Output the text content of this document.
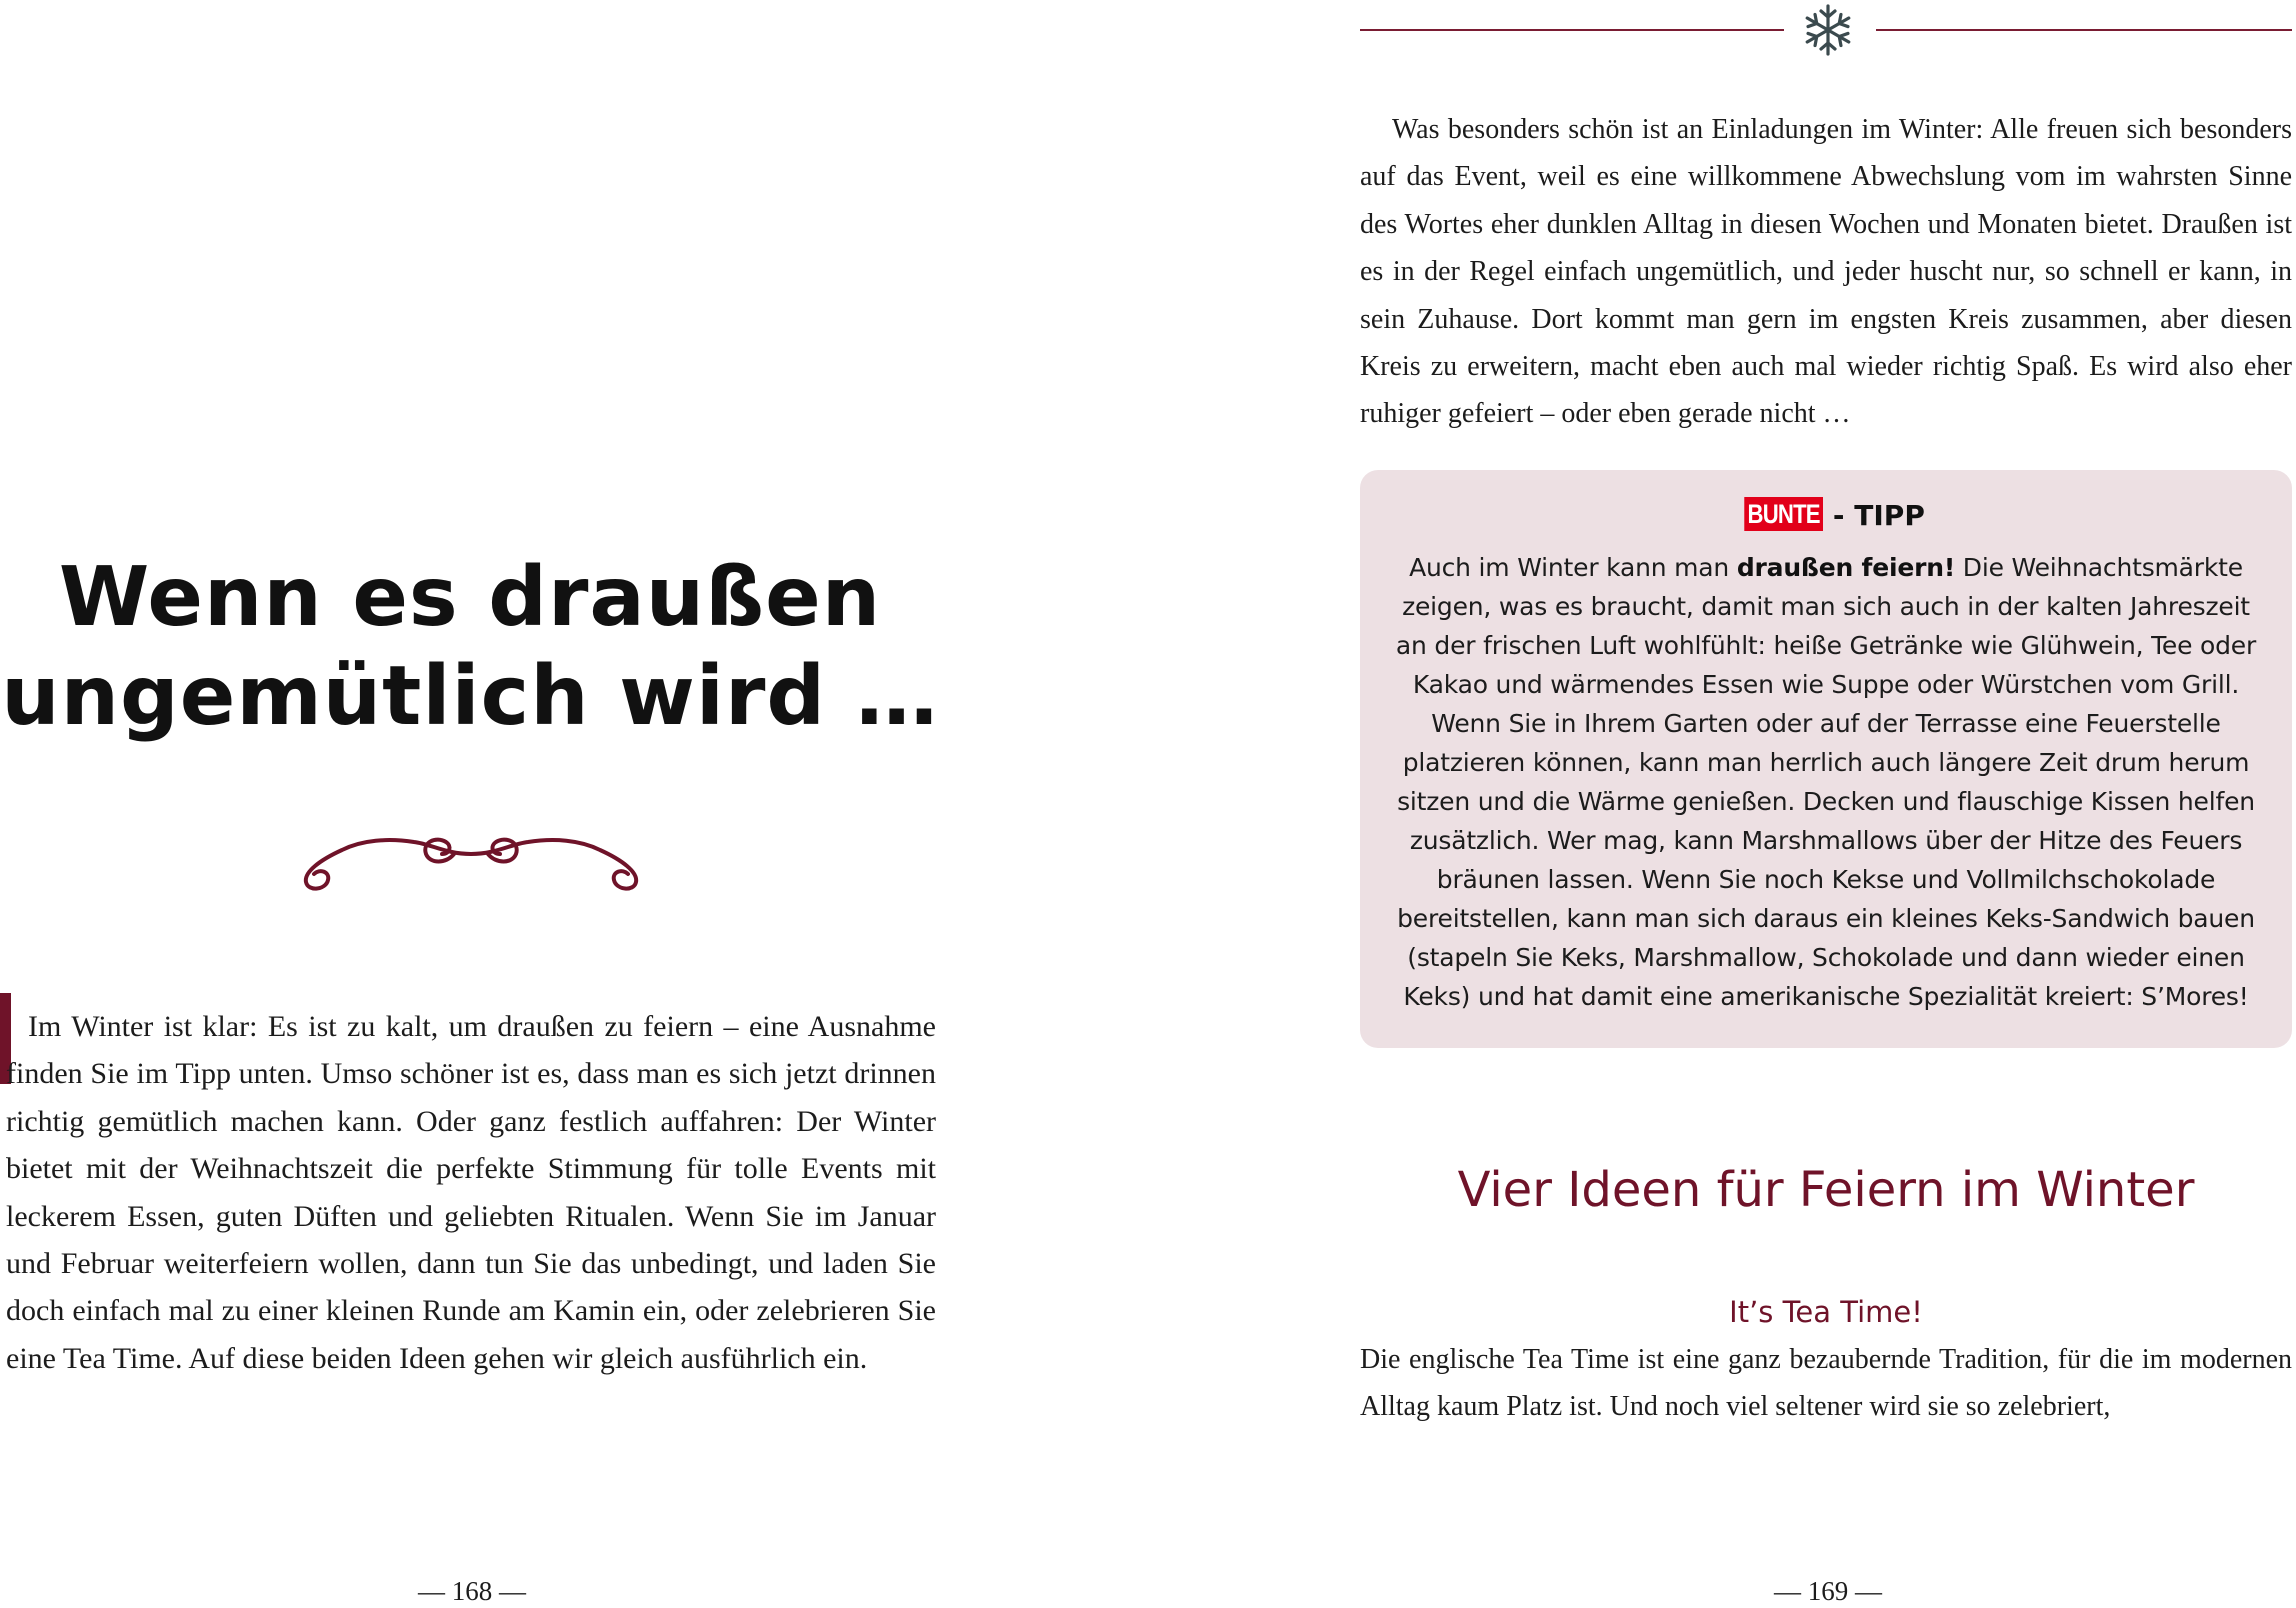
Wenn es draußen
ungemütlich wird …

Im Winter ist klar: Es ist zu kalt, um draußen zu feiern – eine Ausnahme finden Sie im Tipp unten. Umso schöner ist es, dass man es sich jetzt drinnen richtig gemütlich machen kann. Oder ganz festlich auffahren: Der Winter bietet mit der Weihnachtszeit die perfekte Stimmung für tolle Events mit leckerem Essen, guten Düften und geliebten Ritualen. Wenn Sie im Januar und Februar weiterfeiern wollen, dann tun Sie das unbedingt, und laden Sie doch einfach mal zu einer kleinen Runde am Kamin ein, oder zelebrieren Sie eine Tea Time. Auf diese beiden Ideen gehen wir gleich ausführlich ein.

— 168 —

Was besonders schön ist an Einladungen im Winter: Alle freuen sich besonders auf das Event, weil es eine willkommene Abwechslung vom im wahrsten Sinne des Wortes eher dunklen Alltag in diesen Wochen und Monaten bietet. Draußen ist es in der Regel einfach ungemütlich, und jeder huscht nur, so schnell er kann, in sein Zuhause. Dort kommt man gern im engsten Kreis zusammen, aber diesen Kreis zu erweitern, macht eben auch mal wieder richtig Spaß. Es wird also eher ruhiger gefeiert – oder eben gerade nicht …

BUNTE - TIPP

Auch im Winter kann man draußen feiern! Die Weihnachtsmärkte zeigen, was es braucht, damit man sich auch in der kalten Jahreszeit an der frischen Luft wohlfühlt: heiße Getränke wie Glühwein, Tee oder Kakao und wärmendes Essen wie Suppe oder Würstchen vom Grill. Wenn Sie in Ihrem Garten oder auf der Terrasse eine Feuerstelle platzieren können, kann man herrlich auch längere Zeit drum herum sitzen und die Wärme genießen. Decken und flauschige Kissen helfen zusätzlich. Wer mag, kann Marshmallows über der Hitze des Feuers bräunen lassen. Wenn Sie noch Kekse und Vollmilchschokolade bereitstellen, kann man sich daraus ein kleines Keks-Sandwich bauen (stapeln Sie Keks, Marshmallow, Schokolade und dann wieder einen Keks) und hat damit eine amerikanische Spezialität kreiert: S’Mores!

Vier Ideen für Feiern im Winter
It’s Tea Time!

Die englische Tea Time ist eine ganz bezaubernde Tradition, für die im modernen Alltag kaum Platz ist. Und noch viel seltener wird sie so zelebriert,

— 169 —
